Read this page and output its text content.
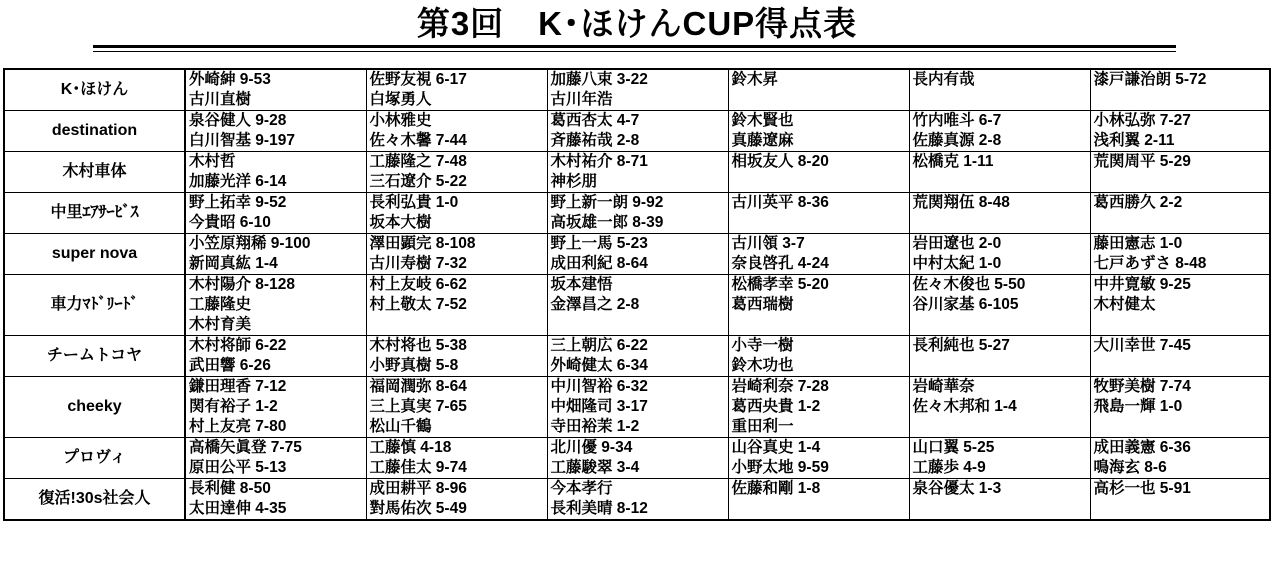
第3回　K･ほけんCUP得点表
K･ほけん	外崎紳 9-53	佐野友視 6-17	加藤八束 3-22	鈴木昇	長内有哉	漆戸謙治朗 5-72
	古川直樹	白塚勇人	古川年浩			
destination	泉谷健人 9-28	小林雅史	葛西杏太 4-7	鈴木賢也	竹内唯斗 6-7	小林弘弥 7-27
	白川智基 9-197	佐々木馨 7-44	斉藤祐哉 2-8	真藤遼麻	佐藤真源 2-8	浅利翼 2-11
木村車体	木村哲	工藤隆之 7-48	木村祐介 8-71	相坂友人 8-20	松橋克 1-11	荒関周平 5-29
	加藤光洋 6-14	三石遼介 5-22	神杉朋			
中里ｴｱｻｰﾋﾞｽ	野上拓幸 9-52	長利弘貴 1-0	野上新一朗 9-92	古川英平 8-36	荒関翔伍 8-48	葛西勝久 2-2
	今貴昭 6-10	坂本大樹	高坂雄一郎 8-39			
super nova	小笠原翔稀 9-100	澤田顕完 8-108	野上一馬 5-23	古川領 3-7	岩田遼也 2-0	藤田憲志 1-0
	新岡真紘 1-4	古川寿樹 7-32	成田利紀 8-64	奈良啓孔 4-24	中村太紀 1-0	七戸あずさ 8-48
車力ﾏﾄﾞﾘｰﾄﾞ	木村陽介 8-128	村上友岐 6-62	坂本建悟	松橋孝幸 5-20	佐々木俊也 5-50	中井寛敏 9-25
	工藤隆史	村上敬太 7-52	金澤昌之 2-8	葛西瑞樹	谷川家基 6-105	木村健太
	木村育美					
チームトコヤ	木村将師 6-22	木村将也 5-38	三上朝広 6-22	小寺一樹	長利純也 5-27	大川幸世 7-45
	武田響 6-26	小野真樹 5-8	外崎健太 6-34	鈴木功也		
cheeky	鎌田理香 7-12	福岡潤弥 8-64	中川智裕 6-32	岩崎利奈 7-28	岩崎華奈	牧野美樹 7-74
	関有裕子 1-2	三上真実 7-65	中畑隆司 3-17	葛西央貴 1-2	佐々木邦和 1-4	飛島一輝 1-0
	村上友亮 7-80	松山千鶴	寺田裕茉 1-2	重田利一		
プロヴィ	高橋矢眞登 7-75	工藤慎 4-18	北川優 9-34	山谷真史 1-4	山口翼 5-25	成田義憲 6-36
	原田公平 5-13	工藤佳太 9-74	工藤駿翠 3-4	小野太地 9-59	工藤歩 4-9	鳴海玄 8-6
復活!30s社会人	長利健 8-50	成田耕平 8-96	今本孝行	佐藤和剛 1-8	泉谷優太 1-3	高杉一也 5-91
	太田達伸 4-35	對馬佑次 5-49	長利美晴 8-12			
